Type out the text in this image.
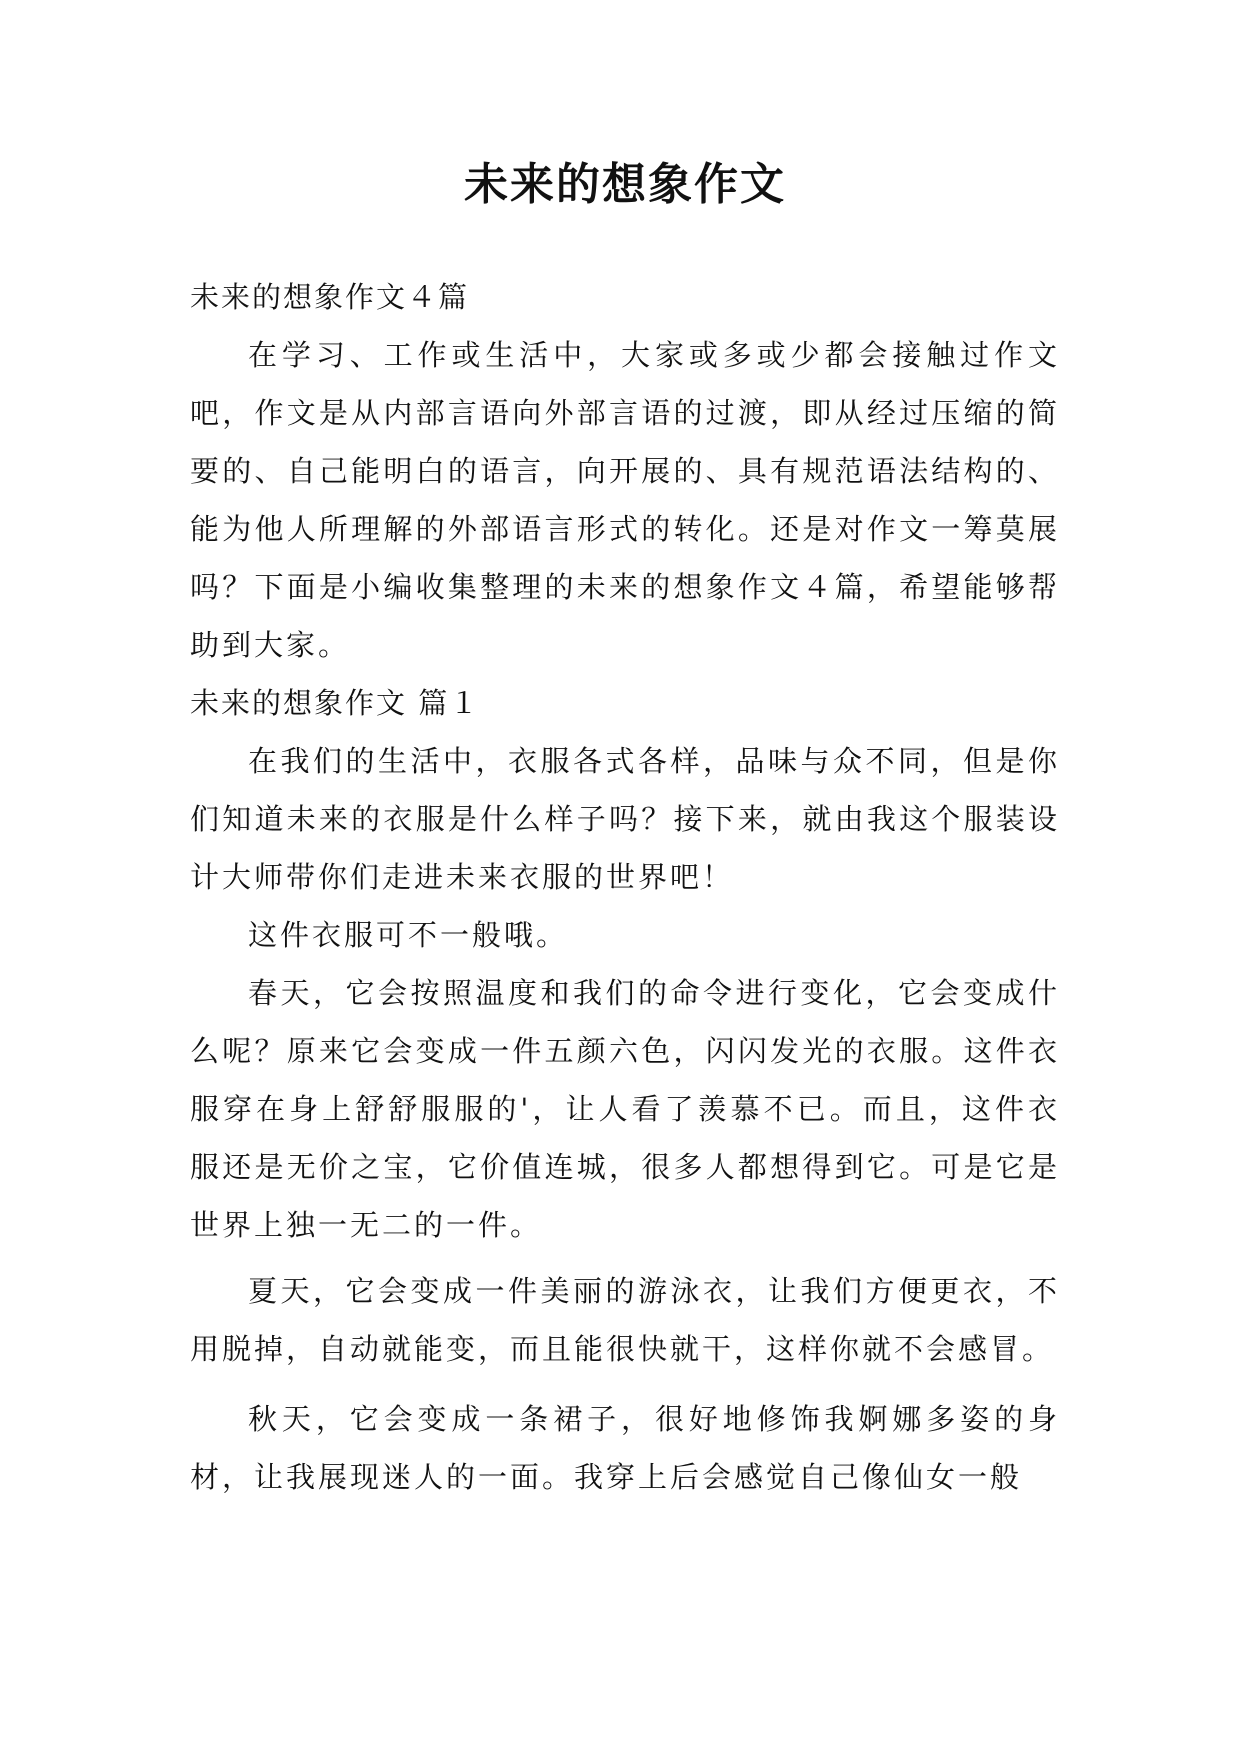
未来的想象作文

未来的想象作文４篇

在学习、工作或生活中，大家或多或少都会接触过作文吧，作文是从内部言语向外部言语的过渡，即从经过压缩的简要的、自己能明白的语言，向开展的、具有规范语法结构的、能为他人所理解的外部语言形式的转化。还是对作文一筹莫展吗？下面是小编收集整理的未来的想象作文４篇，希望能够帮助到大家。

未来的想象作文 篇１

在我们的生活中，衣服各式各样，品味与众不同，但是你们知道未来的衣服是什么样子吗？接下来，就由我这个服装设计大师带你们走进未来衣服的世界吧！

这件衣服可不一般哦。

春天，它会按照温度和我们的命令进行变化，它会变成什么呢？原来它会变成一件五颜六色，闪闪发光的衣服。这件衣服穿在身上舒舒服服的'，让人看了羡慕不已。而且，这件衣服还是无价之宝，它价值连城，很多人都想得到它。可是它是世界上独一无二的一件。

夏天，它会变成一件美丽的游泳衣，让我们方便更衣，不用脱掉，自动就能变，而且能很快就干，这样你就不会感冒。

秋天，它会变成一条裙子，很好地修饰我婀娜多姿的身材，让我展现迷人的一面。我穿上后会感觉自己像仙女一般
